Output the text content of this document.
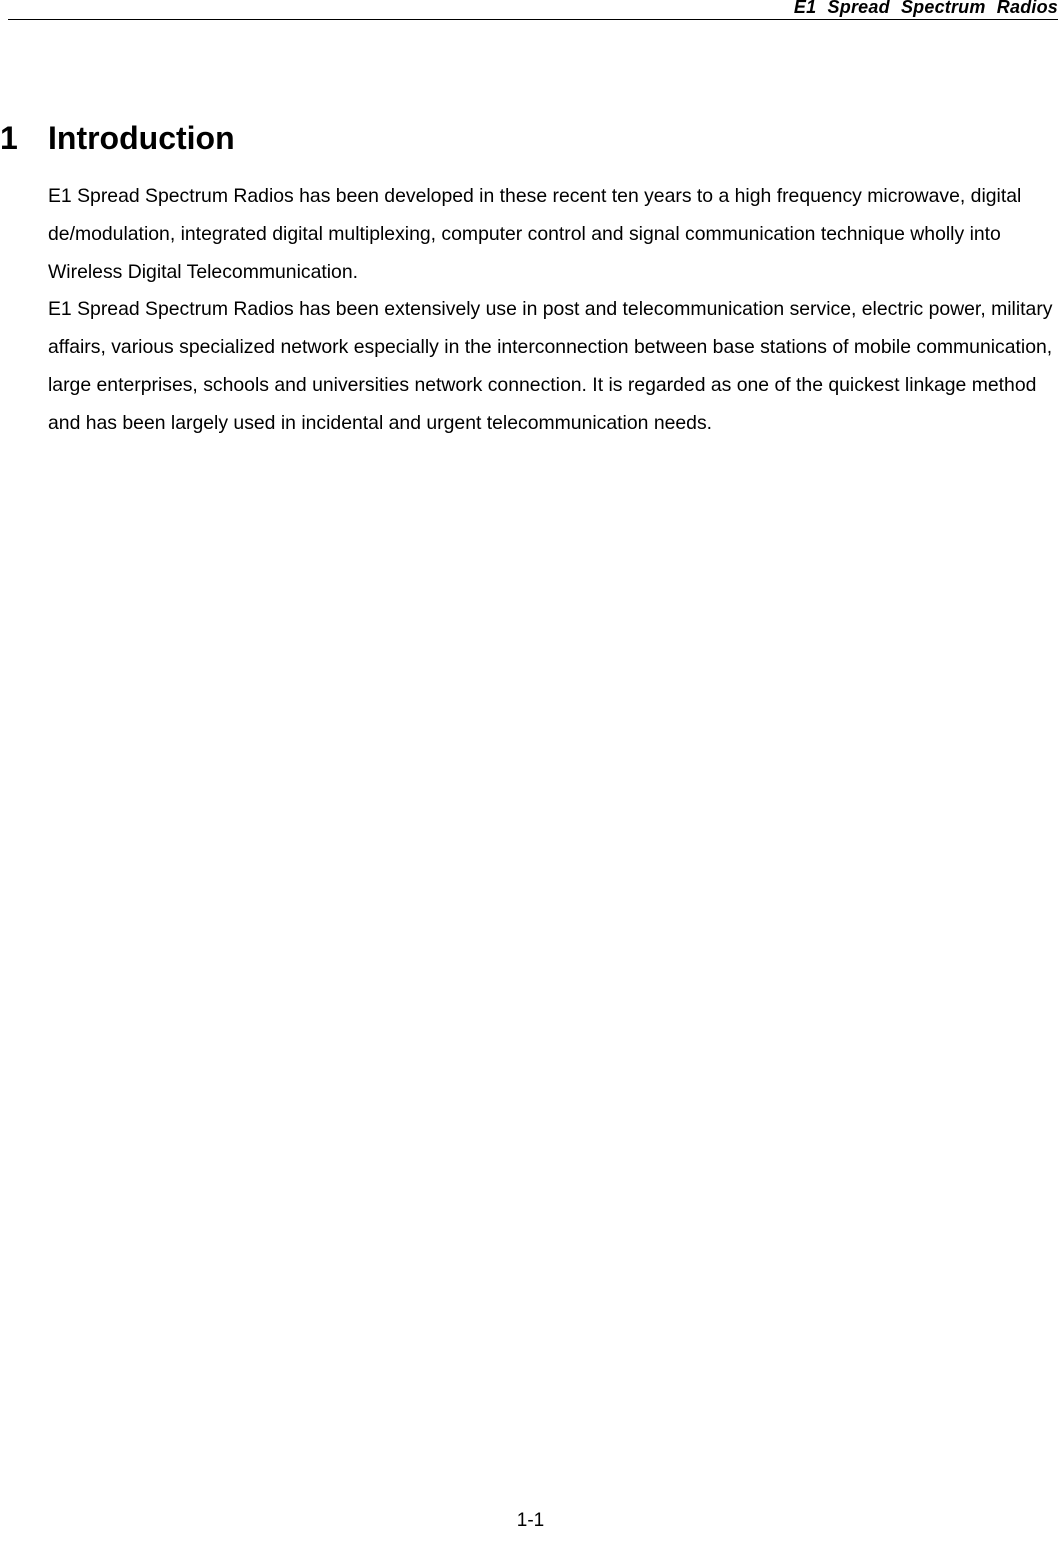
E1 Spread Spectrum Radios
1 Introduction

E1 Spread Spectrum Radios has been developed in these recent ten years to a high frequency microwave, digital de/modulation, integrated digital multiplexing, computer control and signal communication technique wholly into Wireless Digital Telecommunication.

E1 Spread Spectrum Radios has been extensively use in post and telecommunication service, electric power, military affairs, various specialized network especially in the interconnection between base stations of mobile communication, large enterprises, schools and universities network connection. It is regarded as one of the quickest linkage method and has been largely used in incidental and urgent telecommunication needs.

1-1
